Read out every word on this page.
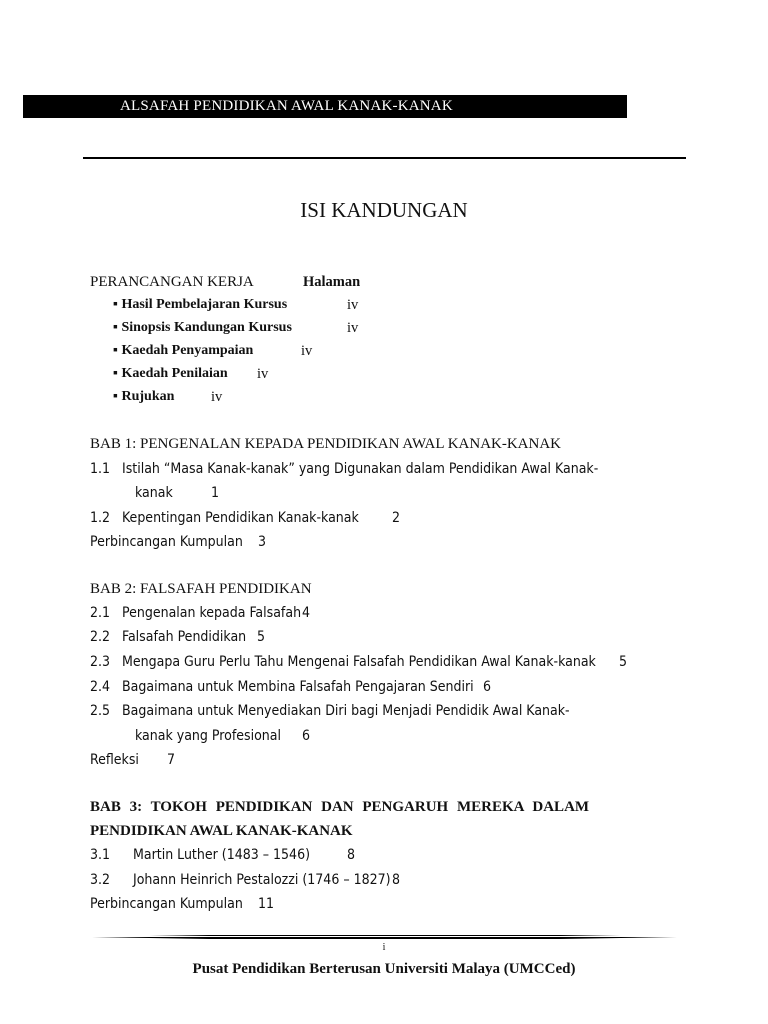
ALSAFAH PENDIDIKAN AWAL KANAK-KANAK
ISI KANDUNGAN
PERANCANGAN KERJA	Halaman
▪ Hasil Pembelajaran Kursus	iv
▪ Sinopsis Kandungan Kursus	iv
▪ Kaedah Penyampaian	iv
▪ Kaedah Penilaian iv
▪ Rujukan	iv
BAB 1: PENGENALAN KEPADA PENDIDIKAN AWAL KANAK-KANAK
1.1 Istilah “Masa Kanak-kanak” yang Digunakan dalam Pendidikan Awal Kanak-
kanak	1
1.2 Kepentingan Pendidikan Kanak-kanak 2
Perbincangan Kumpulan 3
BAB 2: FALSAFAH PENDIDIKAN
2.1 Pengenalan kepada Falsafah 4
2.2 Falsafah Pendidikan 5
2.3 Mengapa Guru Perlu Tahu Mengenai Falsafah Pendidikan Awal Kanak-kanak 5
2.4 Bagaimana untuk Membina Falsafah Pengajaran Sendiri 6
2.5 Bagaimana untuk Menyediakan Diri bagi Menjadi Pendidik Awal Kanak-
kanak yang Profesional 6
Refleksi 7
BAB 3: TOKOH PENDIDIKAN DAN PENGARUH MEREKA DALAM
PENDIDIKAN AWAL KANAK-KANAK
3.1 Martin Luther (1483 – 1546)	8
3.2 Johann Heinrich Pestalozzi (1746 – 1827) 8
Perbincangan Kumpulan 11
i
Pusat Pendidikan Berterusan Universiti Malaya (UMCCed)
